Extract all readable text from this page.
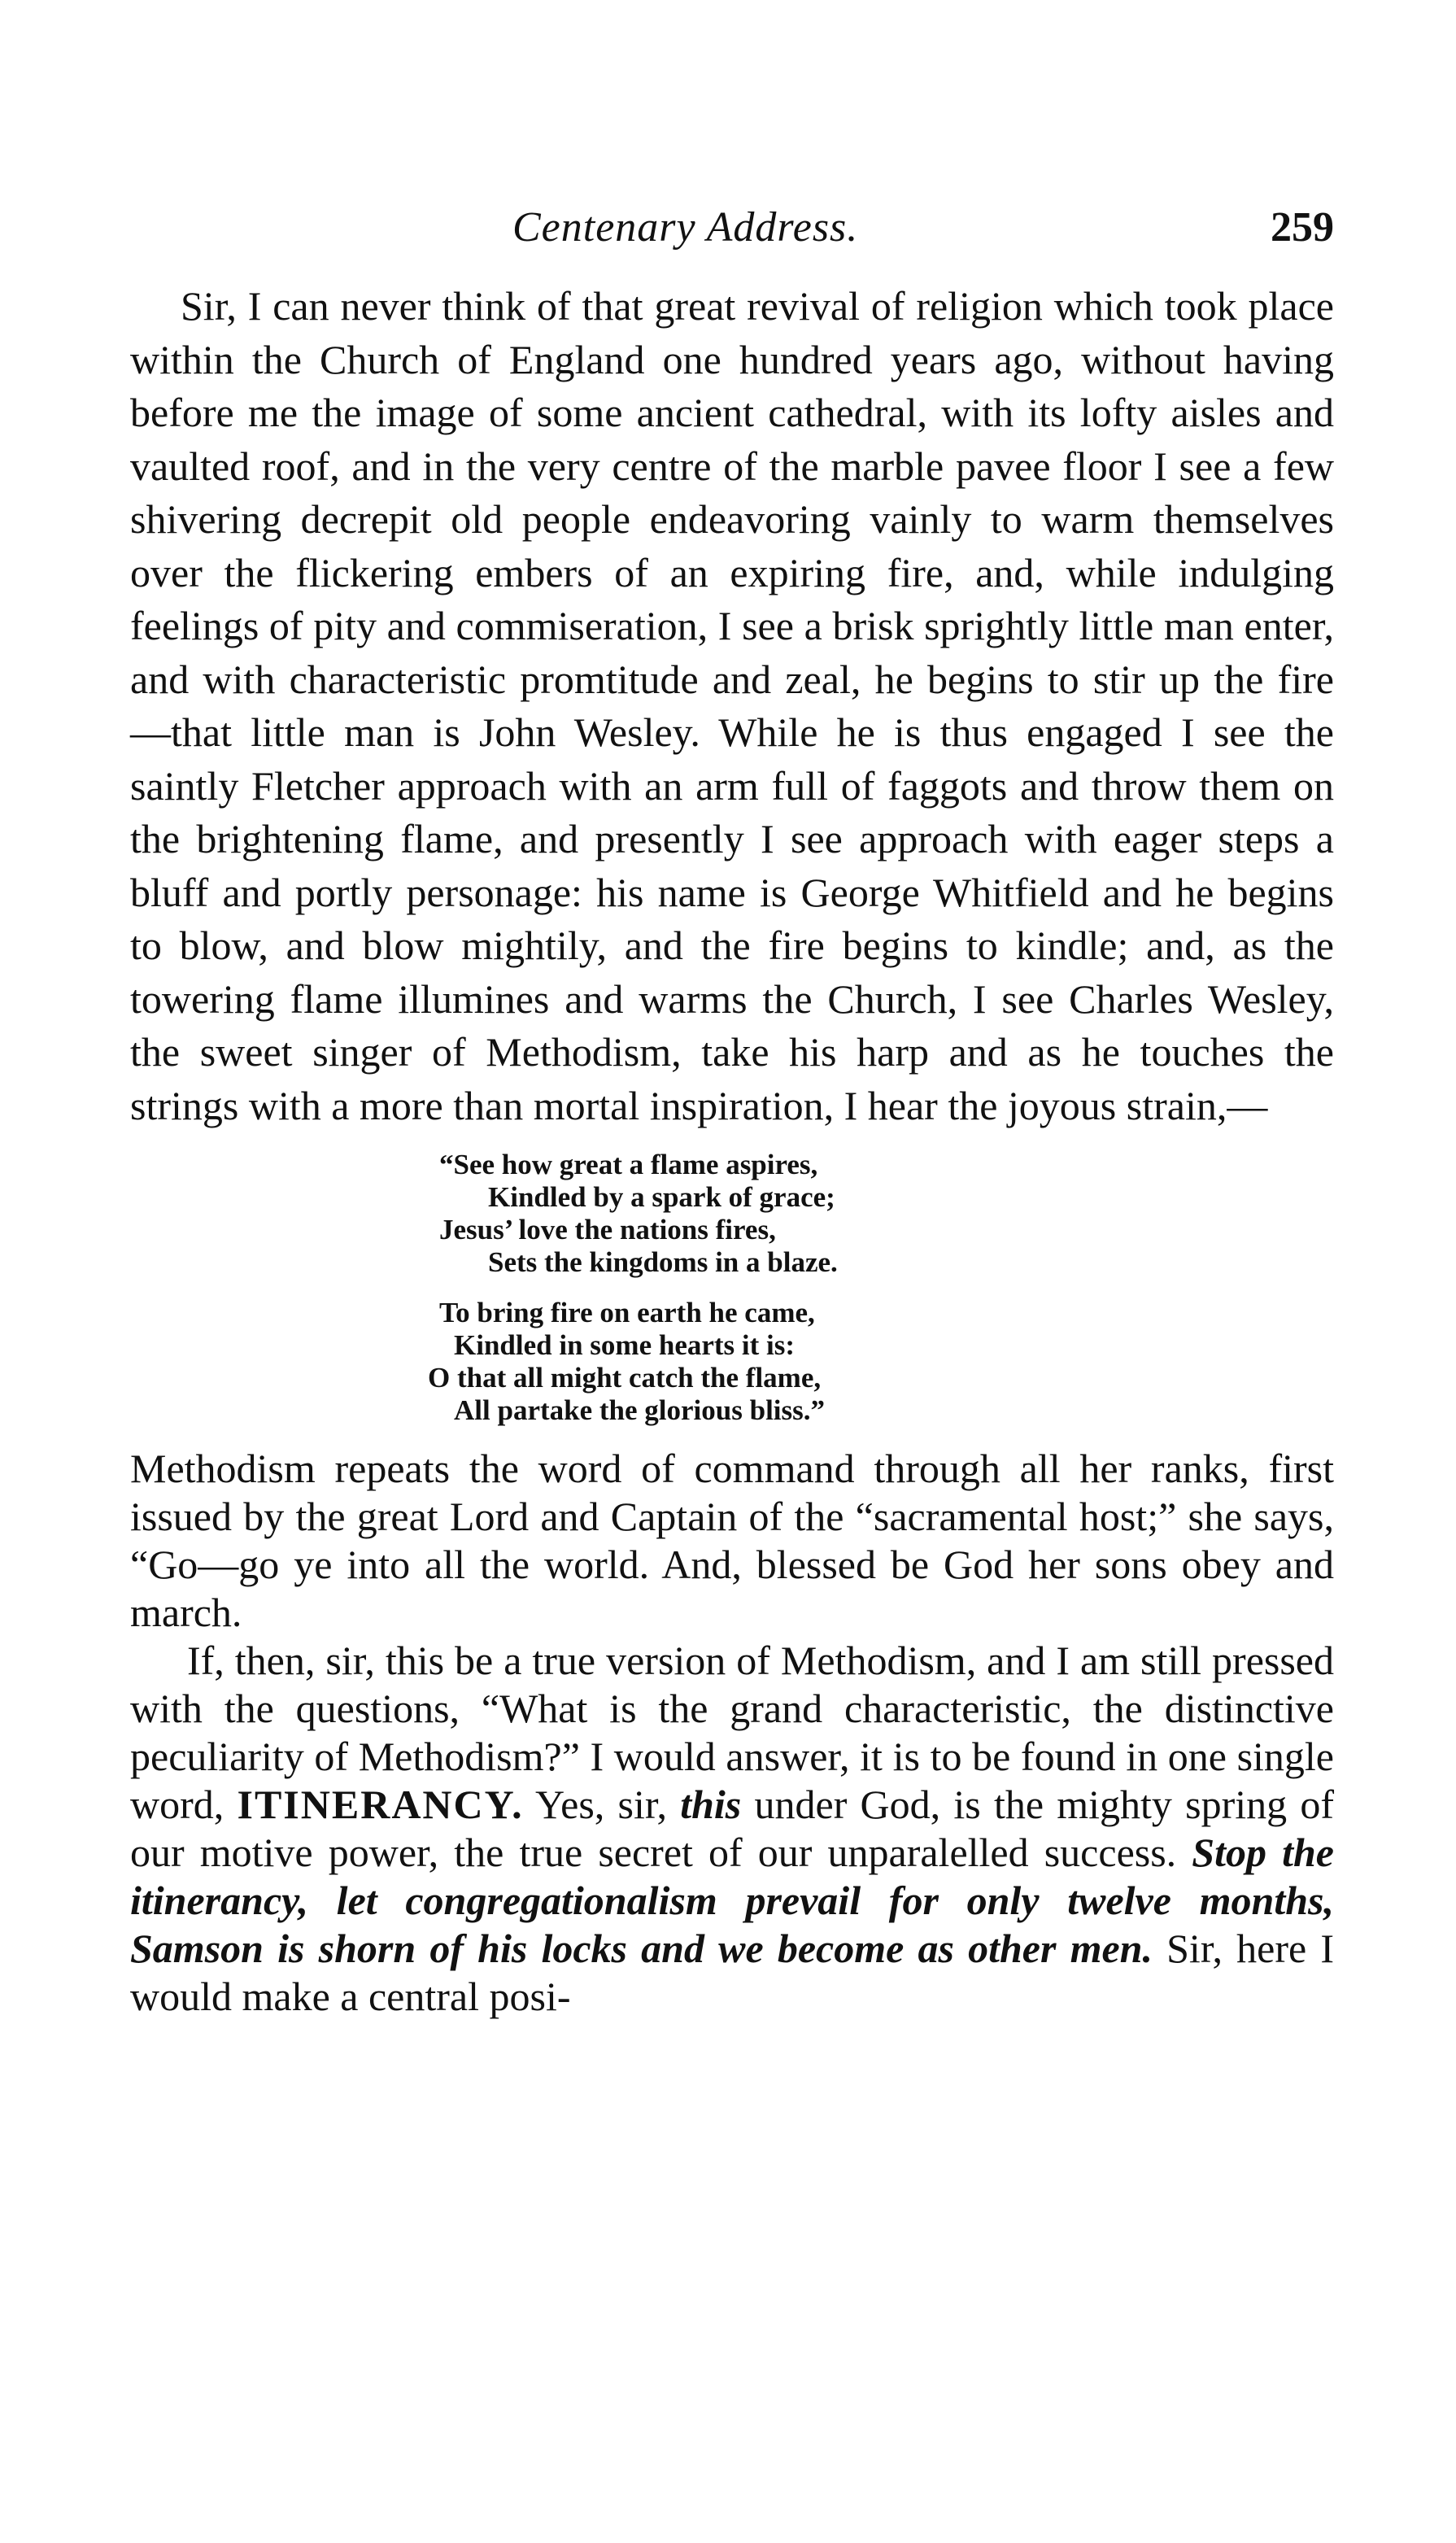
Centenary Address.	259

Sir, I can never think of that great revival of religion which took place within the Church of England one hundred years ago, without having before me the image of some ancient cathedral, with its lofty aisles and vaulted roof, and in the very centre of the marble pavee floor I see a few shivering decrepit old people endeavoring vainly to warm themselves over the flickering embers of an expiring fire, and, while indulging feelings of pity and commiseration, I see a brisk sprightly little man enter, and with characteristic promtitude and zeal, he begins to stir up the fire —that little man is John Wesley. While he is thus engaged I see the saintly Fletcher approach with an arm full of faggots and throw them on the brightening flame, and presently I see approach with eager steps a bluff and portly personage: his name is George Whitfield and he begins to blow, and blow mightily, and the fire begins to kindle; and, as the towering flame illumines and warms the Church, I see Charles Wesley, the sweet singer of Methodism, take his harp and as he touches the strings with a more than mortal inspiration, I hear the joyous strain,—

“See how great a flame aspires,
Kindled by a spark of grace;
Jesus’ love the nations fires,
Sets the kingdoms in a blaze.
To bring fire on earth he came,
Kindled in some hearts it is:
O that all might catch the flame,
All partake the glorious bliss.”

Methodism repeats the word of command through all her ranks, first issued by the great Lord and Captain of the “sacramental host;” she says, “Go—go ye into all the world. And, blessed be God her sons obey and march.

If, then, sir, this be a true version of Methodism, and I am still pressed with the questions, “What is the grand characteristic, the distinctive peculiarity of Methodism?” I would answer, it is to be found in one single word, ITINERANCY. Yes, sir, this under God, is the mighty spring of our motive power, the true secret of our unparalelled success. Stop the itinerancy, let congregationalism prevail for only twelve months, Samson is shorn of his locks and we become as other men. Sir, here I would make a central posi-
